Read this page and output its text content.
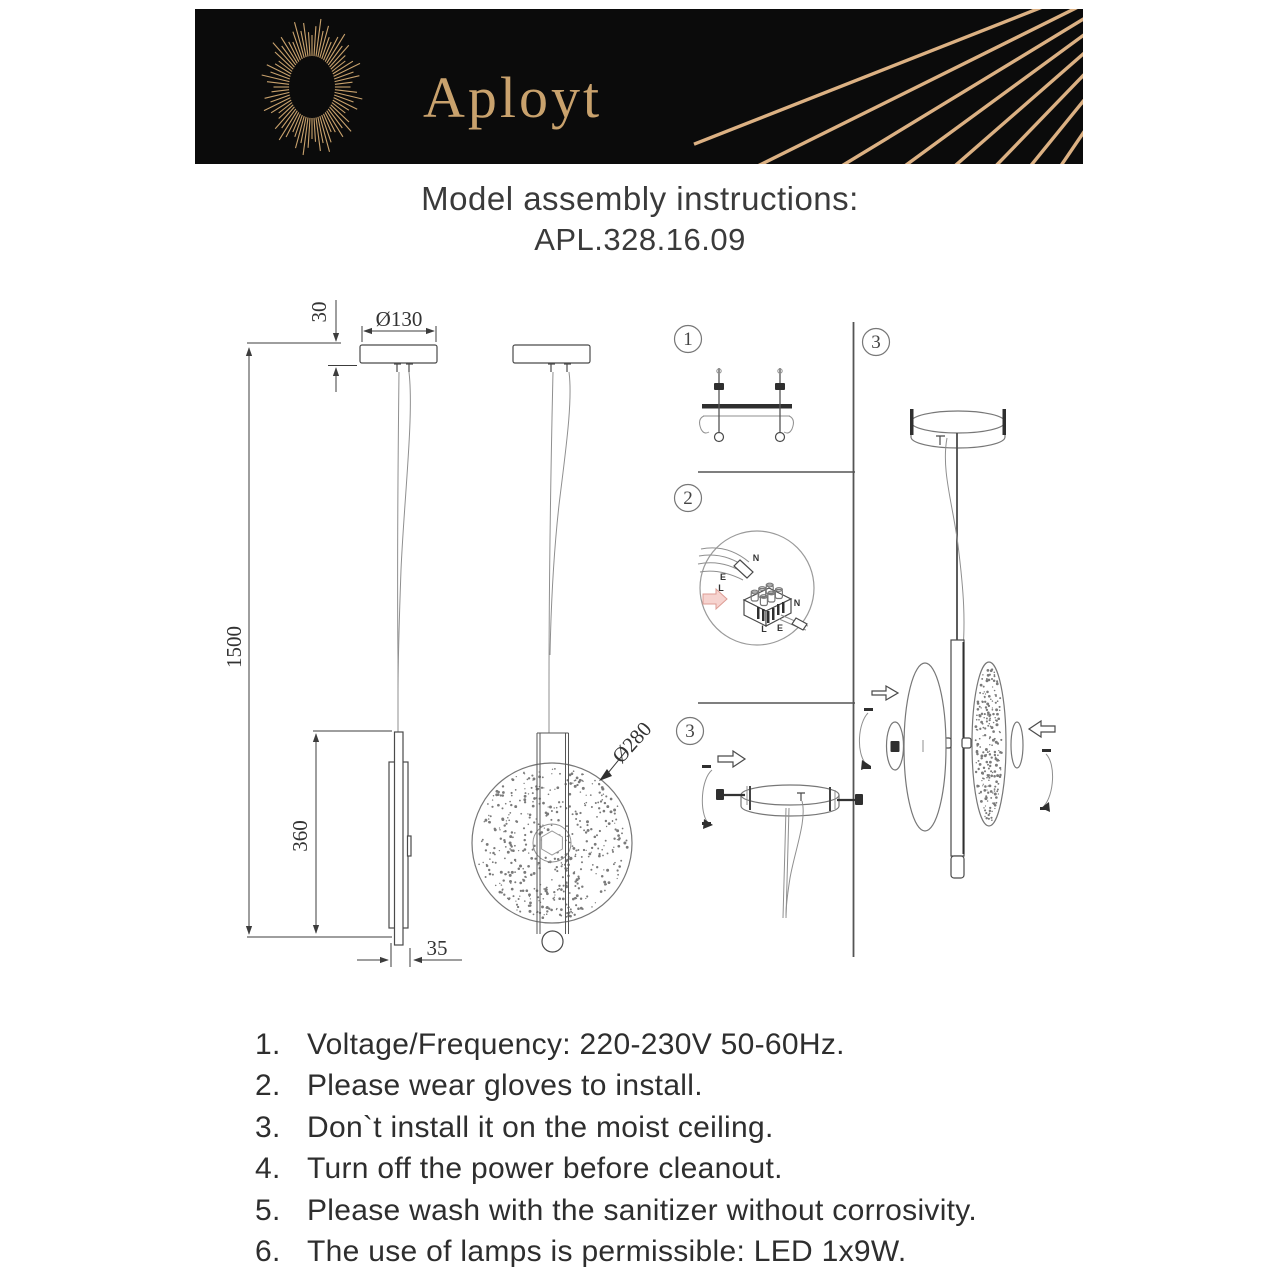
Aployt
Model assembly instructions:
APL.328.16.09
30 Ø130
1500
360
35
Ø280
1
2
N
E
L
N
L E
3
3
1. Voltage/Frequency: 220-230V 50-60Hz.
2. Please wear gloves to install.
3. Don`t install it on the moist ceiling.
4. Turn off the power before cleanout.
5. Please wash with the sanitizer without corrosivity.
6. The use of lamps is permissible: LED 1x9W.
